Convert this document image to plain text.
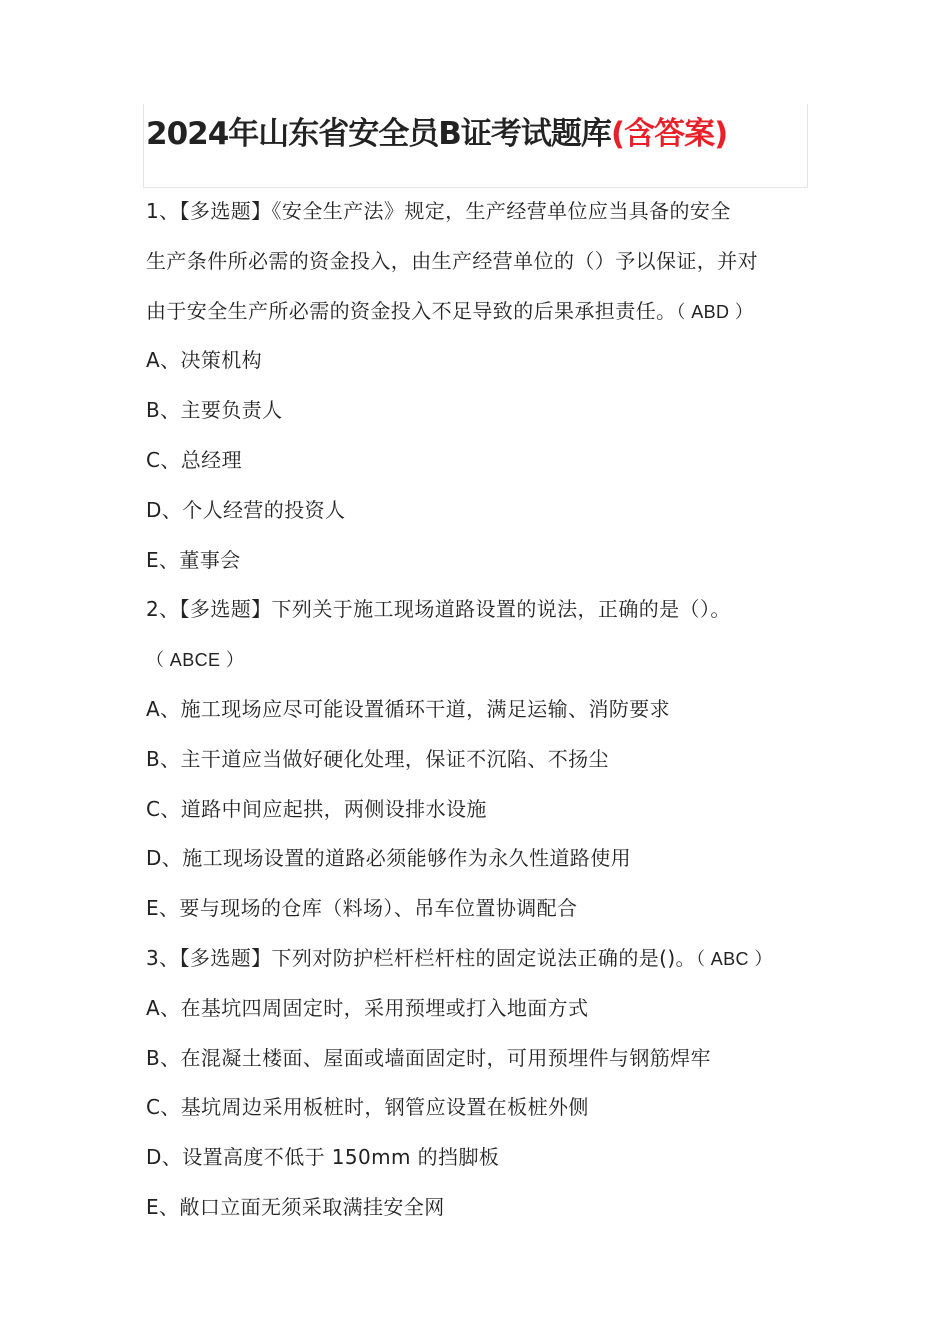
2024年山东省安全员B证考试题库(含答案)
1、【多选题】《安全生产法》规定，生产经营单位应当具备的安全
生产条件所必需的资金投入，由生产经营单位的（）予以保证，并对
由于安全生产所必需的资金投入不足导致的后果承担责任。（ ABD ）
A、决策机构
B、主要负责人
C、总经理
D、个人经营的投资人
E、董事会
2、【多选题】下列关于施工现场道路设置的说法，正确的是（）。
（ ABCE ）
A、施工现场应尽可能设置循环干道，满足运输、消防要求
B、主干道应当做好硬化处理，保证不沉陷、不扬尘
C、道路中间应起拱，两侧设排水设施
D、施工现场设置的道路必须能够作为永久性道路使用
E、要与现场的仓库（料场）、吊车位置协调配合
3、【多选题】下列对防护栏杆栏杆柱的固定说法正确的是()。（ ABC ）
A、在基坑四周固定时，采用预埋或打入地面方式
B、在混凝土楼面、屋面或墙面固定时，可用预埋件与钢筋焊牢
C、基坑周边采用板桩时，钢管应设置在板桩外侧
D、设置高度不低于 150mm 的挡脚板
E、敞口立面无须采取满挂安全网
